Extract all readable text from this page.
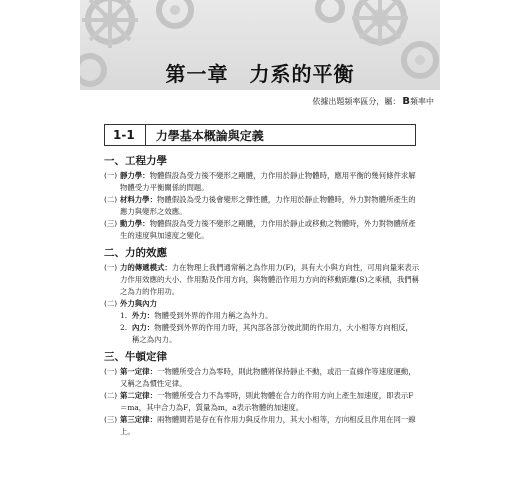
第一章　力系的平衡
依據出題頻率區分，屬： B頻率中
1-1	力學基本概論與定義
一、工程力學
(一) 靜力學：物體假設為受力後不變形之剛體，力作用於靜止物體時，應用平衡的幾何條件求解物體受力平衡關係的問題。
(二) 材料力學：物體假設為受力後會變形之彈性體，力作用於靜止物體時，外力對物體所產生的應力與變形之效應。
(三) 動力學：物體假設為受力後不變形之剛體，力作用於靜止或移動之物體時，外力對物體所產生的速度與加速度之變化。
二、力的效應
(一) 力的傳遞模式：力在物理上我們通常稱之為作用力(F)，具有大小與方向性，可用向量來表示力作用效應的大小、作用點及作用方向，與物體沿作用力方向的移動距離(S)之乘積，我們稱之為力的作用功。
(二) 外力與內力
1. 外力：物體受到外界的作用力稱之為外力。
2. 內力：物體受到外界的作用力時，其內部各部分彼此間的作用力，大小相等方向相反，稱之為內力。
三、牛頓定律
(一) 第一定律：一物體所受合力為零時，則此物體將保持靜止不動，或沿一直線作等速度運動，又稱之為慣性定律。
(二) 第二定律：一物體所受合力不為零時，則此物體在合力的作用方向上產生加速度，即表示F＝ma，其中合力為F，質量為m，a表示物體的加速度。
(三) 第三定律：兩物體間若是存在有作用力與反作用力，其大小相等，方向相反且作用在同一線上。
